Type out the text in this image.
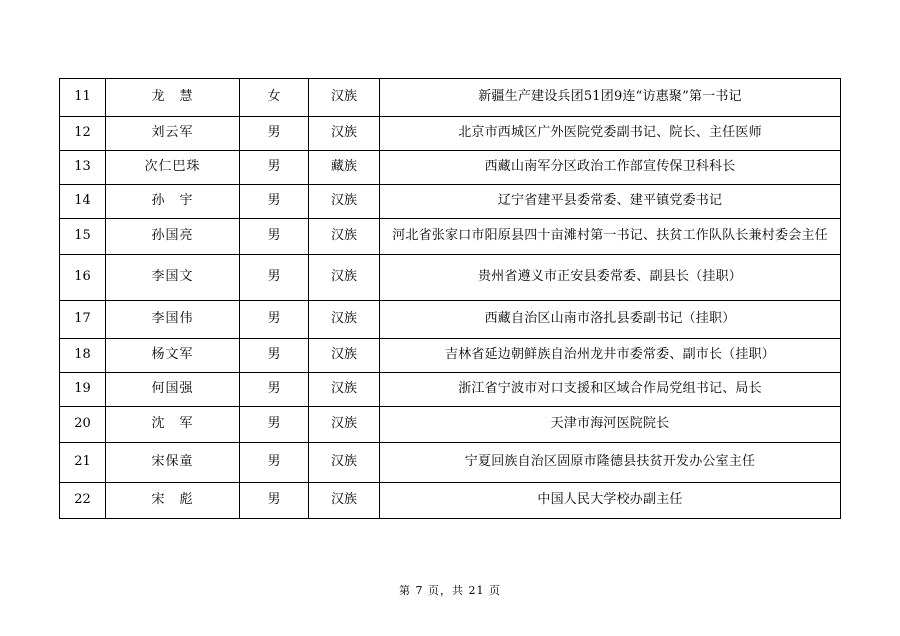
11	龙　慧	女	汉族	新疆生产建设兵团51团9连“访惠聚”第一书记
12	刘云军	男	汉族	北京市西城区广外医院党委副书记、院长、主任医师
13	次仁巴珠	男	藏族	西藏山南军分区政治工作部宣传保卫科科长
14	孙　宇	男	汉族	辽宁省建平县委常委、建平镇党委书记
15	孙国亮	男	汉族	河北省张家口市阳原县四十亩滩村第一书记、扶贫工作队队长兼村委会主任
16	李国文	男	汉族	贵州省遵义市正安县委常委、副县长（挂职）
17	李国伟	男	汉族	西藏自治区山南市洛扎县委副书记（挂职）
18	杨文军	男	汉族	吉林省延边朝鲜族自治州龙井市委常委、副市长（挂职）
19	何国强	男	汉族	浙江省宁波市对口支援和区域合作局党组书记、局长
20	沈　军	男	汉族	天津市海河医院院长
21	宋保童	男	汉族	宁夏回族自治区固原市隆德县扶贫开发办公室主任
22	宋　彪	男	汉族	中国人民大学校办副主任
第 7 页，共 21 页
